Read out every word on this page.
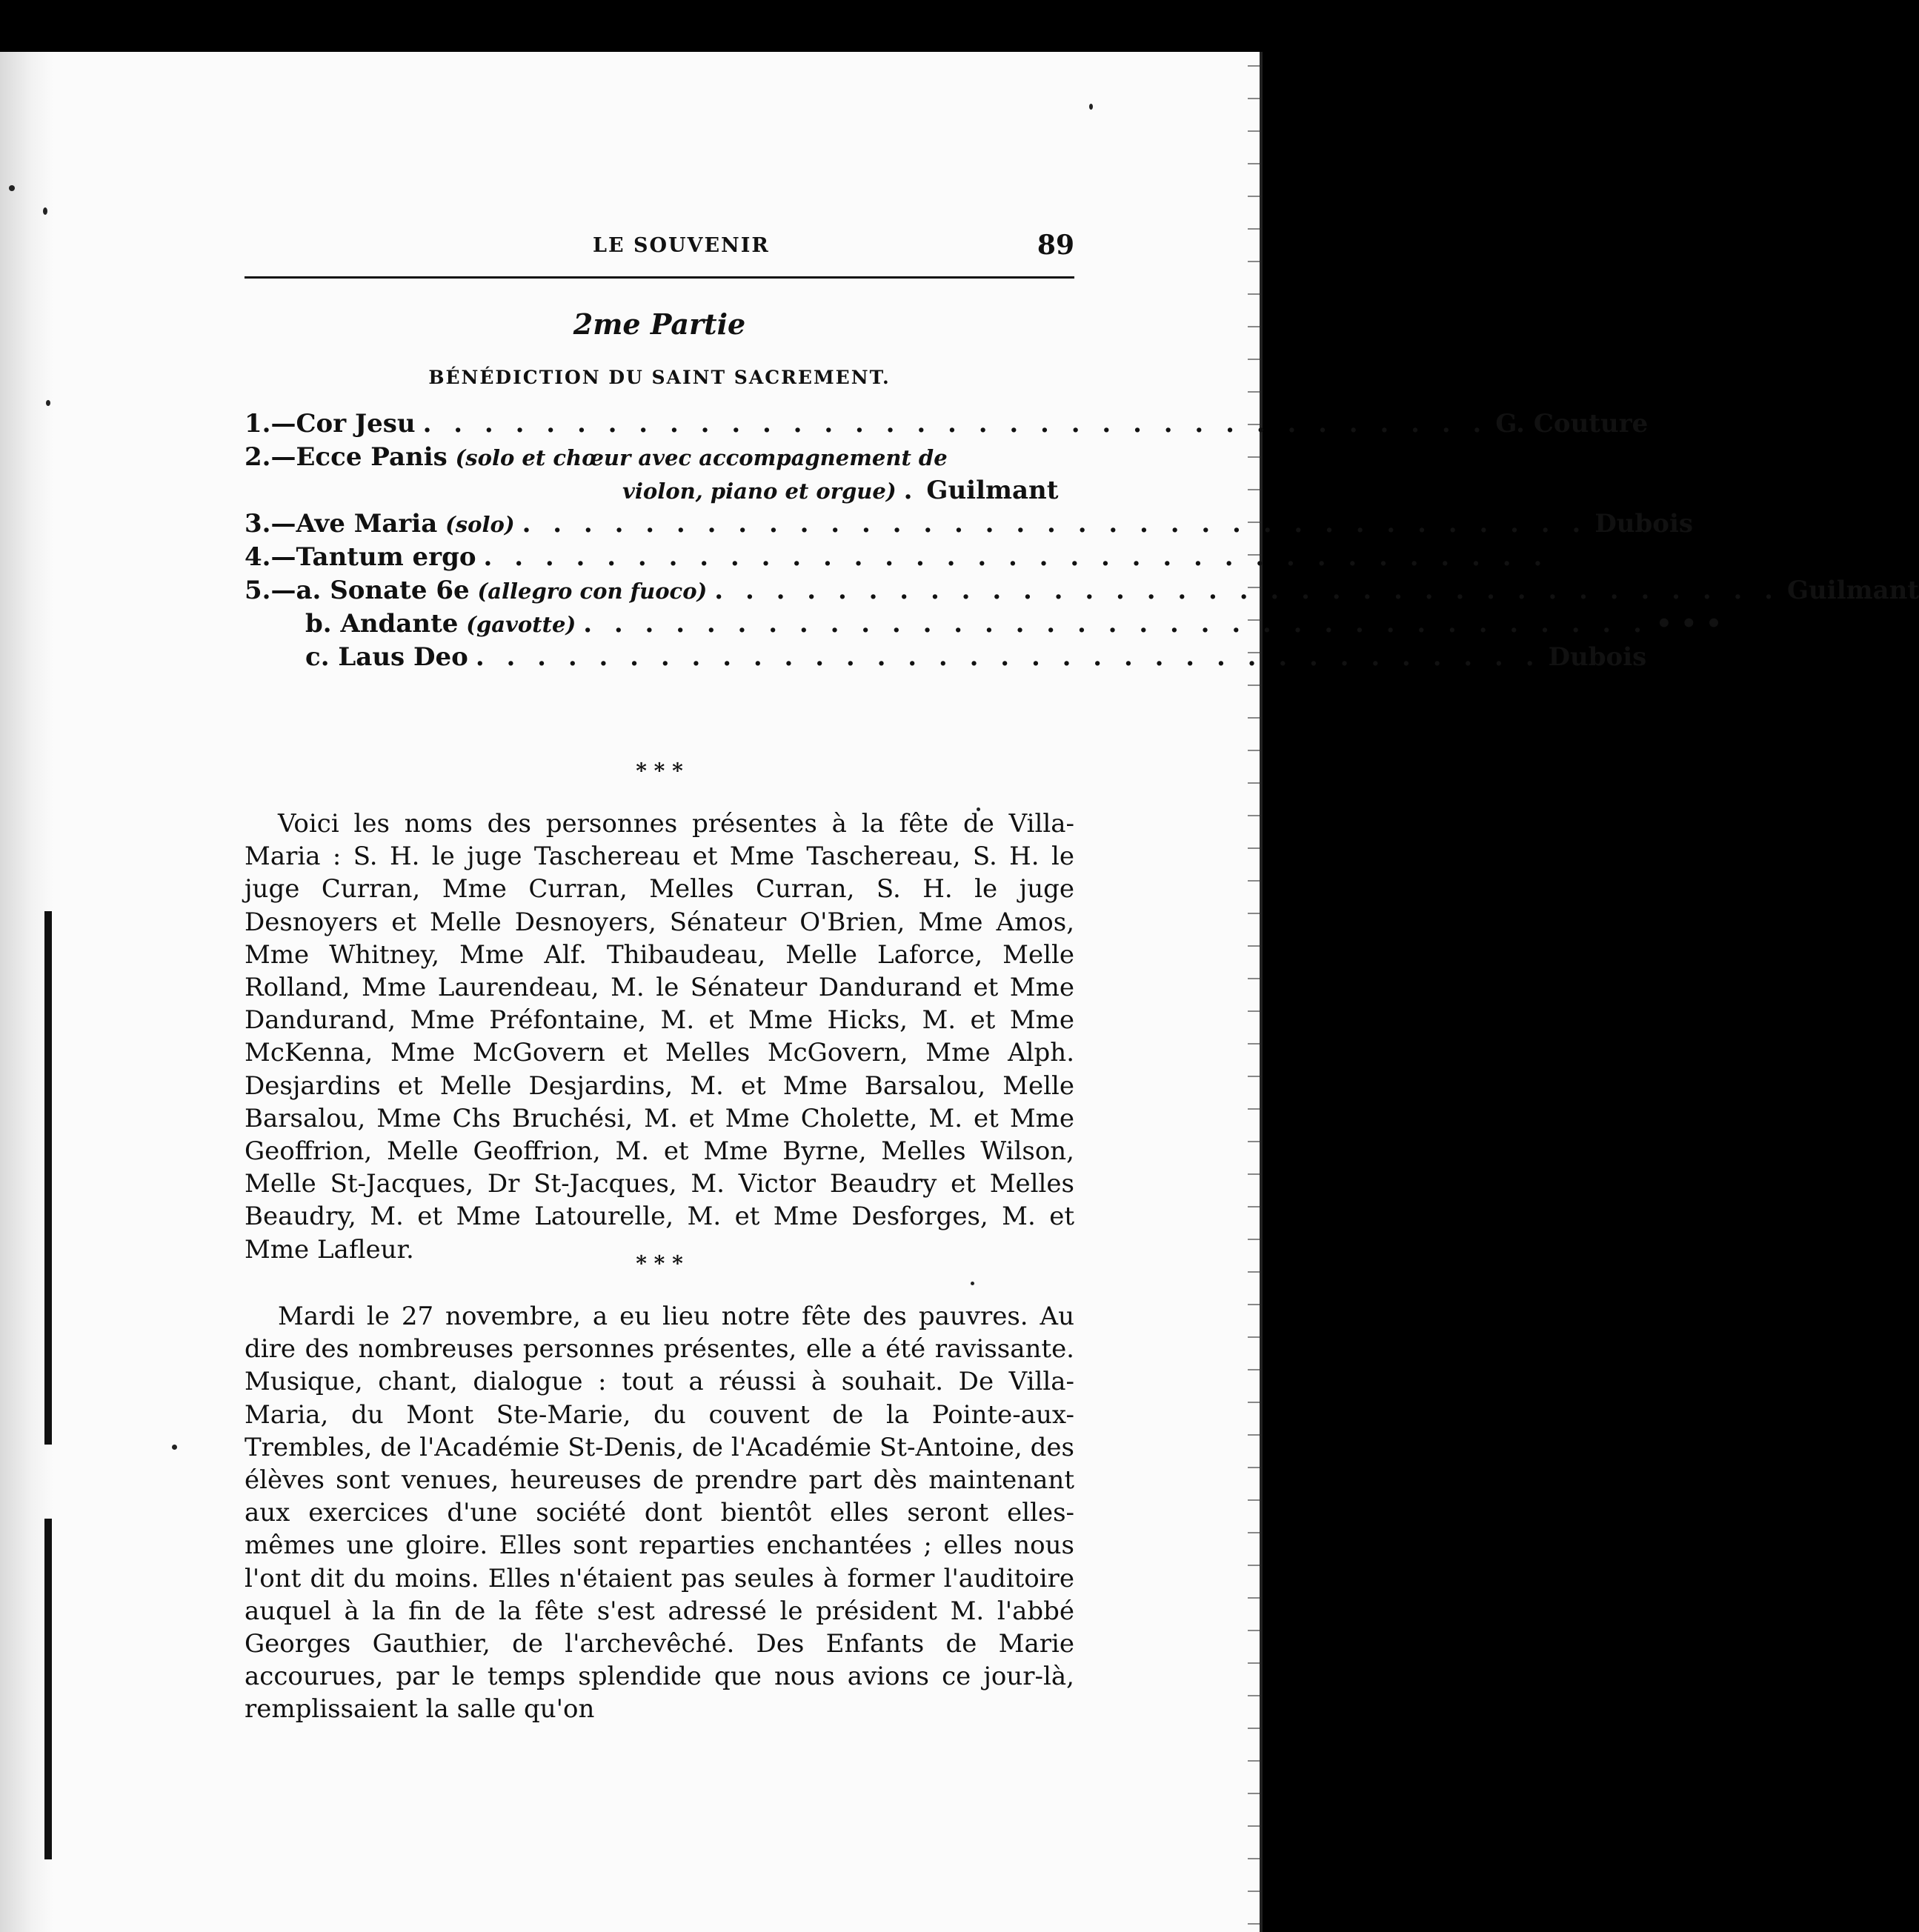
LE SOUVENIR	89
2me Partie
BÉNÉDICTION DU SAINT SACREMENT.
1.—Cor Jesu . . . . . . . . . . . . . . . . . . . . . . . . . . . . . . . . . . . G. Couture
2.—Ecce Panis (solo et chœur avec accompagnement de
violon, piano et orgue) . Guilmant
3.—Ave Maria (solo) . . . . . . . . . . . . . . . . . . . . . . . . . . . . . . . . . . . Dubois
4.—Tantum ergo . . . . . . . . . . . . . . . . . . . . . . . . . . . . . . . . . . .
5.—a. Sonate 6e (allegro con fuoco) . . . . . . . . . . . . . . . . . . . . . . . . . . . . . . . . . . . Guilmant
b. Andante (gavotte) . . . . . . . . . . . . . . . . . . . . . . . . . . . . . . . . . . . • • •
c. Laus Deo . . . . . . . . . . . . . . . . . . . . . . . . . . . . . . . . . . . Dubois
* * *
Voici les noms des personnes présentes à la fête de Villa-Maria : S. H. le juge Taschereau et Mme Taschereau, S. H. le juge Curran, Mme Curran, Melles Curran, S. H. le juge Desnoyers et Melle Desnoyers, Sénateur O'Brien, Mme Amos, Mme Whitney, Mme Alf. Thibaudeau, Melle Laforce, Melle Rolland, Mme Laurendeau, M. le Sénateur Dandurand et Mme Dandurand, Mme Préfontaine, M. et Mme Hicks, M. et Mme McKenna, Mme McGovern et Melles McGovern, Mme Alph. Desjardins et Melle Desjardins, M. et Mme Barsalou, Melle Barsalou, Mme Chs Bruchési, M. et Mme Cholette, M. et Mme Geoffrion, Melle Geoffrion, M. et Mme Byrne, Melles Wilson, Melle St-Jacques, Dr St-Jacques, M. Victor Beaudry et Melles Beaudry, M. et Mme Latourelle, M. et Mme Desforges, M. et Mme Lafleur.	* * *
Mardi le 27 novembre, a eu lieu notre fête des pauvres. Au dire des nombreuses personnes présentes, elle a été ravissante. Musique, chant, dialogue : tout a réussi à souhait. De Villa-Maria, du Mont Ste-Marie, du couvent de la Pointe-aux-Trembles, de l'Académie St-Denis, de l'Académie St-Antoine, des élèves sont venues, heureuses de prendre part dès maintenant aux exercices d'une société dont bientôt elles seront elles-mêmes une gloire. Elles sont reparties enchantées ; elles nous l'ont dit du moins. Elles n'étaient pas seules à former l'auditoire auquel à la fin de la fête s'est adressé le président M. l'abbé Georges Gauthier, de l'archevêché. Des Enfants de Marie accourues, par le temps splendide que nous avions ce jour-là, remplissaient la salle qu'on
